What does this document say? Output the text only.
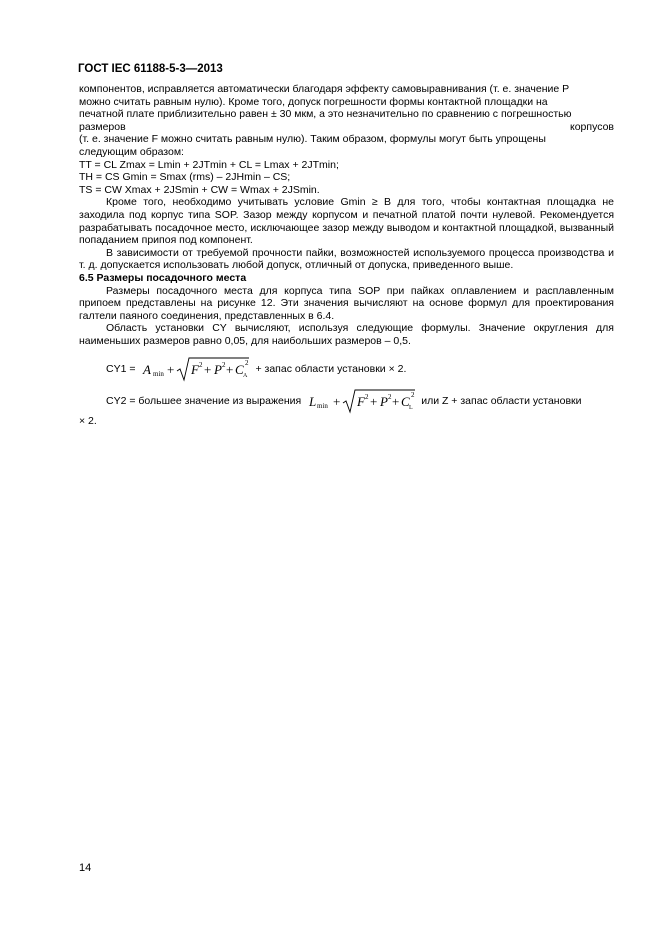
ГОСТ IEC 61188-5-3—2013

компонентов, исправляется автоматически благодаря эффекту самовыравнивания (т. е. значение P

можно считать равным нулю). Кроме того, допуск погрешности формы контактной площадки на

печатной плате приблизительно равен ± 30 мкм, а это незначительно по сравнению с погрешностью

размеров	корпусов

(т. е. значение F можно считать равным нулю). Таким образом, формулы могут быть упрощены

следующим образом:

TT = CL Zmax = Lmin + 2JTmin + CL = Lmax + 2JTmin;

TH = CS Gmin = Smax (rms) – 2JHmin – CS;

TS = CW Xmax + 2JSmin + CW = Wmax + 2JSmin.

Кроме того, необходимо учитывать условие Gmin ≥ B для того, чтобы контактная площадка не заходила под корпус типа SOP. Зазор между корпусом и печатной платой почти нулевой. Рекомендуется разрабатывать посадочное место, исключающее зазор между выводом и контактной площадкой, вызванный попаданием припоя под компонент.

В зависимости от требуемой прочности пайки, возможностей используемого процесса производства и т. д. допускается использовать любой допуск, отличный от допуска, приведенного выше.

6.5 Размеры посадочного места

Размеры посадочного места для корпуса типа SOP при пайках оплавлением и расплавленным припоем представлены на рисунке 12. Эти значения вычисляют на основе формул для проектирования галтели паяного соединения, представленных в 6.4.

Область установки CY вычисляют, используя следующие формулы. Значение округления для наименьших размеров равно 0,05, для наибольших размеров – 0,5.

CY1 = A min + F 2 + P 2 + C A
2 + запас области установки × 2.
CY2 = большее значение из выражения L min + F 2 + P 2 + C L
2 или Z + запас области установки

× 2.

14
